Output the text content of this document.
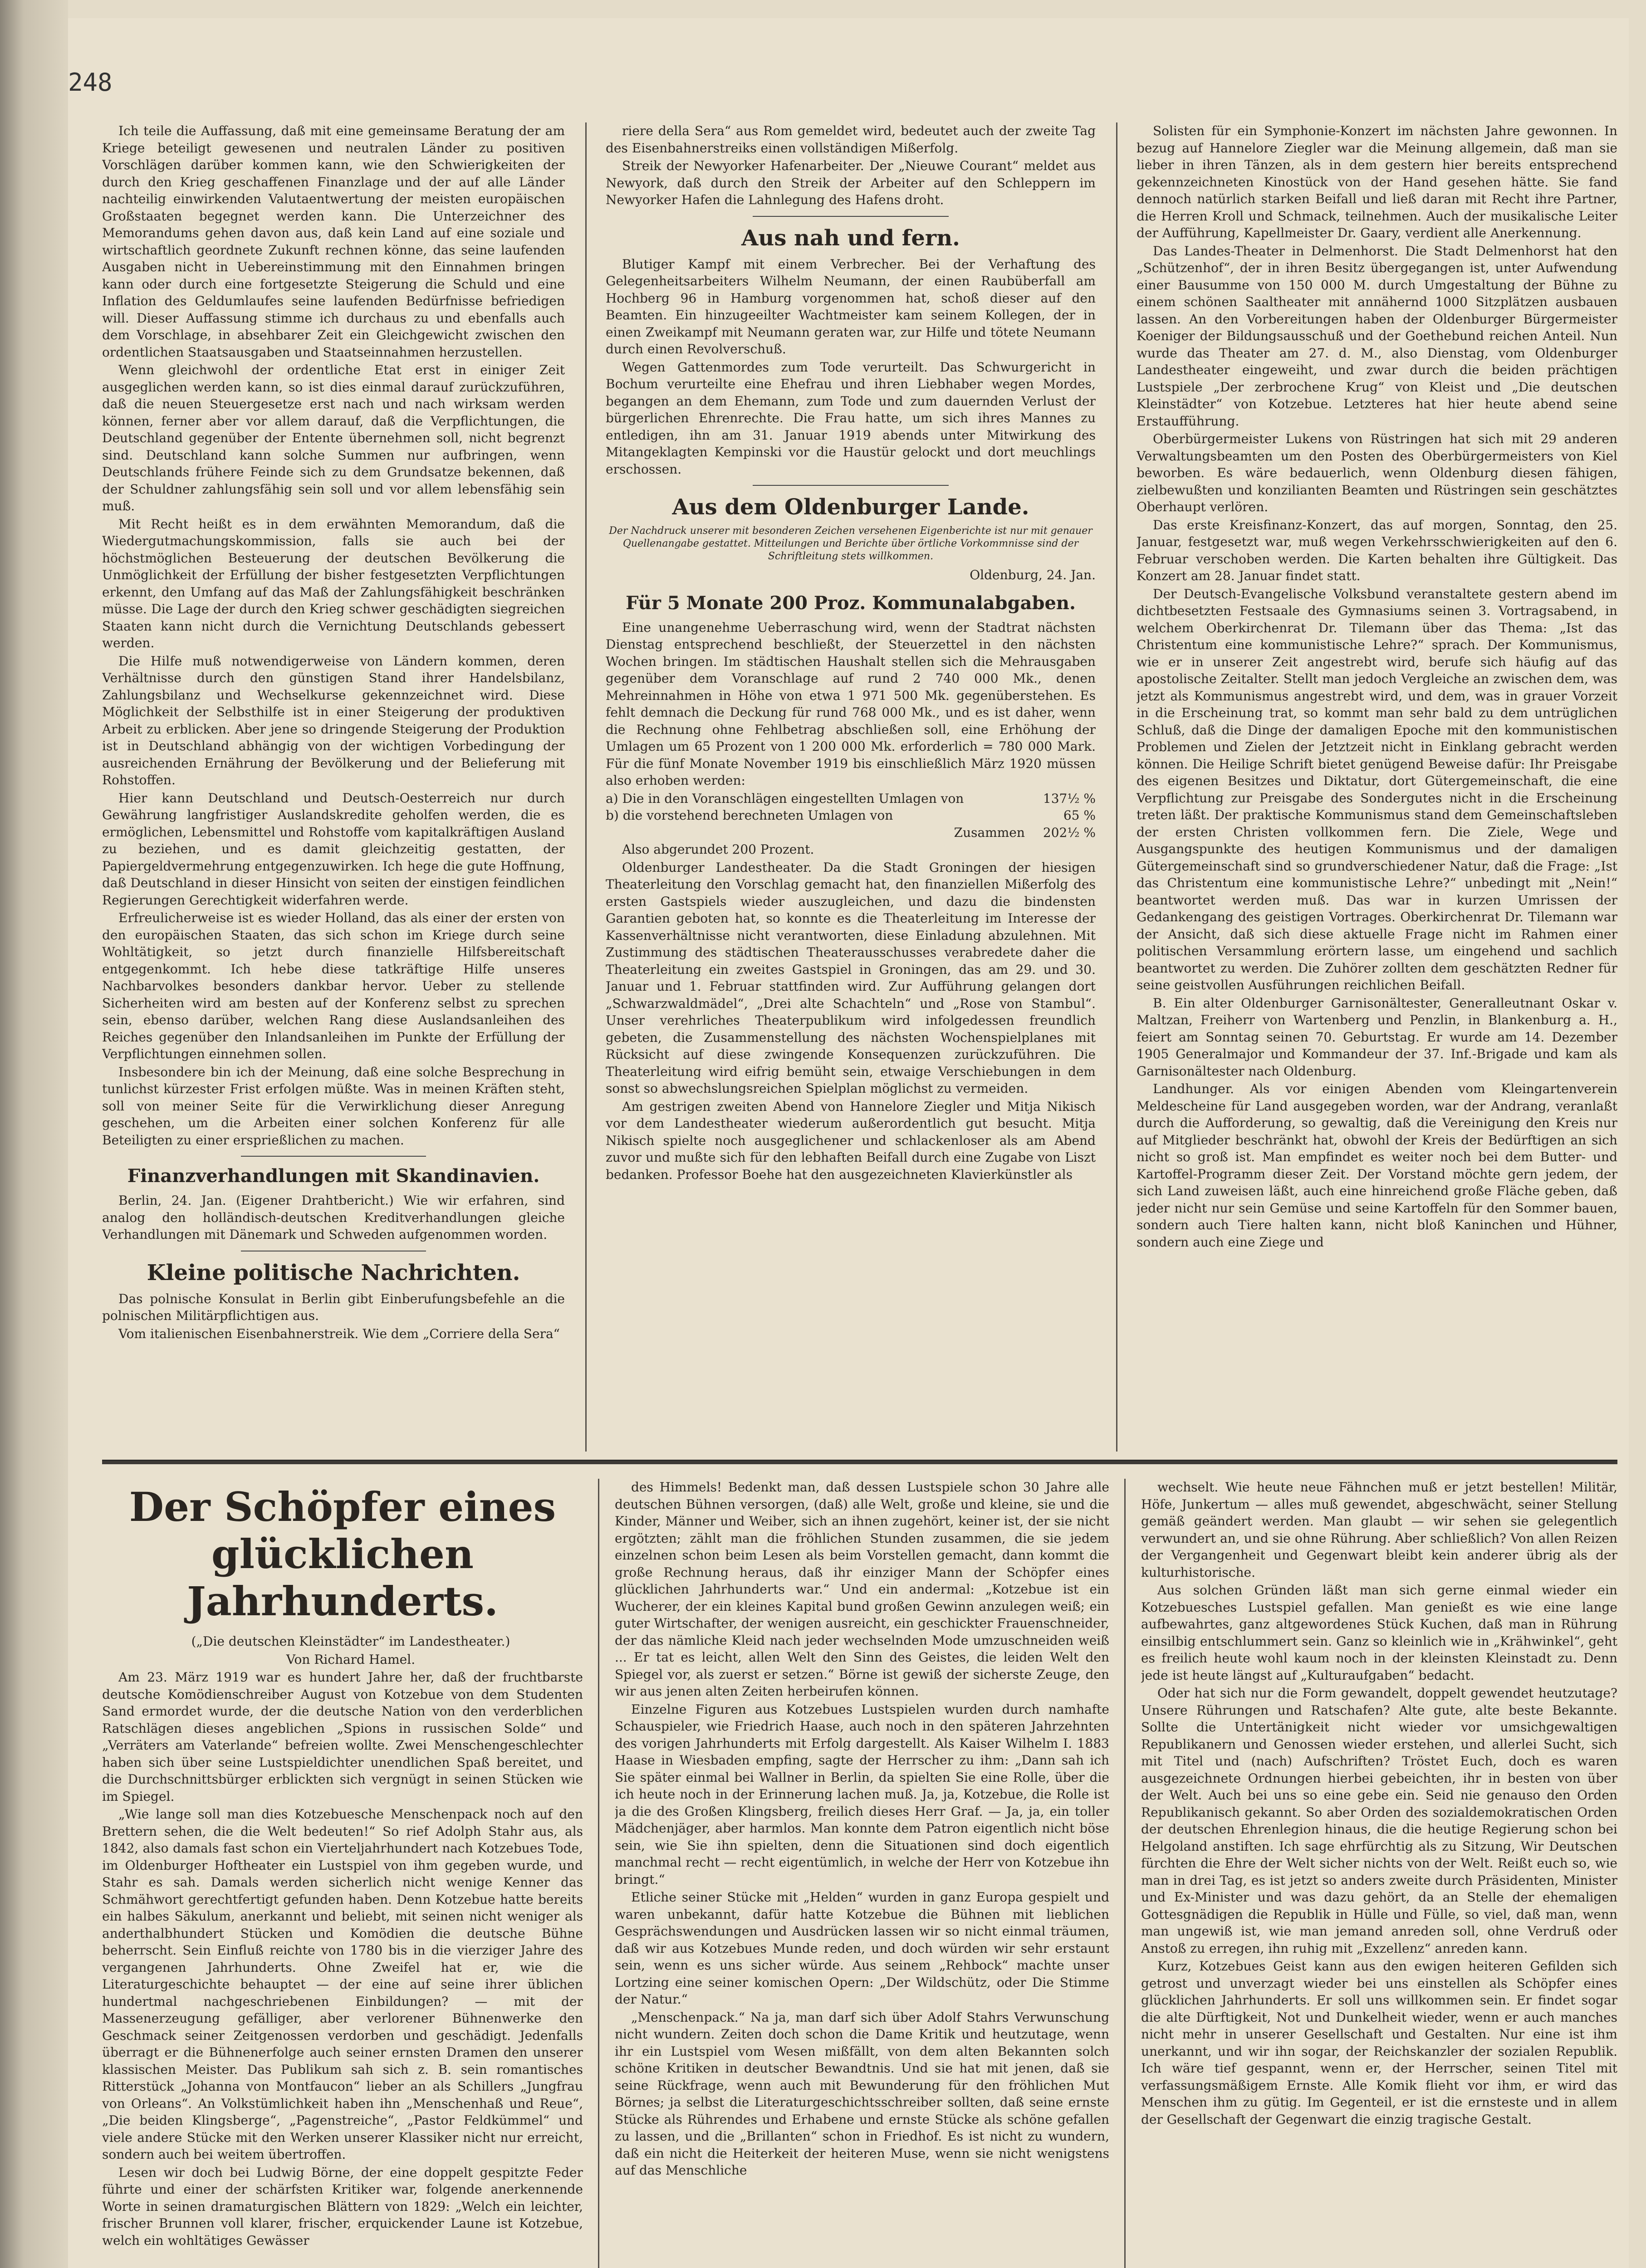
248

Ich teile die Auffassung, daß mit eine gemeinsame Beratung der am Kriege beteiligt gewesenen und neutralen Länder zu positiven Vorschlägen darüber kommen kann, wie den Schwierigkeiten der durch den Krieg geschaffenen Finanzlage und der auf alle Länder nachteilig einwirkenden Valutaentwertung der meisten europäischen Großstaaten begegnet werden kann. Die Unterzeichner des Memorandums gehen davon aus, daß kein Land auf eine soziale und wirtschaftlich geordnete Zukunft rechnen könne, das seine laufenden Ausgaben nicht in Uebereinstimmung mit den Einnahmen bringen kann oder durch eine fortgesetzte Steigerung die Schuld und eine Inflation des Geldumlaufes seine laufenden Bedürfnisse befriedigen will. Dieser Auffassung stimme ich durchaus zu und ebenfalls auch dem Vorschlage, in absehbarer Zeit ein Gleichgewicht zwischen den ordentlichen Staatsausgaben und Staatseinnahmen herzustellen.

Wenn gleichwohl der ordentliche Etat erst in einiger Zeit ausgeglichen werden kann, so ist dies einmal darauf zurückzuführen, daß die neuen Steuergesetze erst nach und nach wirksam werden können, ferner aber vor allem darauf, daß die Verpflichtungen, die Deutschland gegenüber der Entente übernehmen soll, nicht begrenzt sind. Deutschland kann solche Summen nur aufbringen, wenn Deutschlands frühere Feinde sich zu dem Grundsatze bekennen, daß der Schuldner zahlungsfähig sein soll und vor allem lebensfähig sein muß.

Mit Recht heißt es in dem erwähnten Memorandum, daß die Wiedergutmachungskommission, falls sie auch bei der höchstmöglichen Besteuerung der deutschen Bevölkerung die Unmöglichkeit der Erfüllung der bisher festgesetzten Verpflichtungen erkennt, den Umfang auf das Maß der Zahlungsfähigkeit beschränken müsse. Die Lage der durch den Krieg schwer geschädigten siegreichen Staaten kann nicht durch die Vernichtung Deutschlands gebessert werden.

Die Hilfe muß notwendigerweise von Ländern kommen, deren Verhältnisse durch den günstigen Stand ihrer Handelsbilanz, Zahlungsbilanz und Wechselkurse gekennzeichnet wird. Diese Möglichkeit der Selbsthilfe ist in einer Steigerung der produktiven Arbeit zu erblicken. Aber jene so dringende Steigerung der Produktion ist in Deutschland abhängig von der wichtigen Vorbedingung der ausreichenden Ernährung der Bevölkerung und der Belieferung mit Rohstoffen.

Hier kann Deutschland und Deutsch-Oesterreich nur durch Gewährung langfristiger Auslandskredite geholfen werden, die es ermöglichen, Lebensmittel und Rohstoffe vom kapitalkräftigen Ausland zu beziehen, und es damit gleichzeitig gestatten, der Papiergeldvermehrung entgegenzuwirken. Ich hege die gute Hoffnung, daß Deutschland in dieser Hinsicht von seiten der einstigen feindlichen Regierungen Gerechtigkeit widerfahren werde.

Erfreulicherweise ist es wieder Holland, das als einer der ersten von den europäischen Staaten, das sich schon im Kriege durch seine Wohltätigkeit, so jetzt durch finanzielle Hilfsbereitschaft entgegenkommt. Ich hebe diese tatkräftige Hilfe unseres Nachbarvolkes besonders dankbar hervor. Ueber zu stellende Sicherheiten wird am besten auf der Konferenz selbst zu sprechen sein, ebenso darüber, welchen Rang diese Auslandsanleihen des Reiches gegenüber den Inlandsanleihen im Punkte der Erfüllung der Verpflichtungen einnehmen sollen.

Insbesondere bin ich der Meinung, daß eine solche Besprechung in tunlichst kürzester Frist erfolgen müßte. Was in meinen Kräften steht, soll von meiner Seite für die Verwirklichung dieser Anregung geschehen, um die Arbeiten einer solchen Konferenz für alle Beteiligten zu einer ersprießlichen zu machen.

Finanzverhandlungen mit Skandinavien.

Berlin, 24. Jan. (Eigener Drahtbericht.) Wie wir erfahren, sind analog den holländisch-deutschen Kreditverhandlungen gleiche Verhandlungen mit Dänemark und Schweden aufgenommen worden.

Kleine politische Nachrichten.

Das polnische Konsulat in Berlin gibt Einberufungsbefehle an die polnischen Militärpflichtigen aus.

Vom italienischen Eisenbahnerstreik. Wie dem „Corriere della Sera“

riere della Sera“ aus Rom gemeldet wird, bedeutet auch der zweite Tag des Eisenbahnerstreiks einen vollständigen Mißerfolg.

Streik der Newyorker Hafenarbeiter. Der „Nieuwe Courant“ meldet aus Newyork, daß durch den Streik der Arbeiter auf den Schleppern im Newyorker Hafen die Lahnlegung des Hafens droht.

Aus nah und fern.

Blutiger Kampf mit einem Verbrecher. Bei der Verhaftung des Gelegenheitsarbeiters Wilhelm Neumann, der einen Raubüberfall am Hochberg 96 in Hamburg vorgenommen hat, schoß dieser auf den Beamten. Ein hinzugeeilter Wachtmeister kam seinem Kollegen, der in einen Zweikampf mit Neumann geraten war, zur Hilfe und tötete Neumann durch einen Revolverschuß.

Wegen Gattenmordes zum Tode verurteilt. Das Schwurgericht in Bochum verurteilte eine Ehefrau und ihren Liebhaber wegen Mordes, begangen an dem Ehemann, zum Tode und zum dauernden Verlust der bürgerlichen Ehrenrechte. Die Frau hatte, um sich ihres Mannes zu entledigen, ihn am 31. Januar 1919 abends unter Mitwirkung des Mitangeklagten Kempinski vor die Haustür gelockt und dort meuchlings erschossen.

Aus dem Oldenburger Lande.
Der Nachdruck unserer mit besonderen Zeichen versehenen Eigenberichte ist nur mit genauer Quellenangabe gestattet. Mitteilungen und Berichte über örtliche Vorkommnisse sind der Schriftleitung stets willkommen.

Oldenburg, 24. Jan.

Für 5 Monate 200 Proz. Kommunalabgaben.

Eine unangenehme Ueberraschung wird, wenn der Stadtrat nächsten Dienstag entsprechend beschließt, der Steuerzettel in den nächsten Wochen bringen. Im städtischen Haushalt stellen sich die Mehrausgaben gegenüber dem Voranschlage auf rund 2 740 000 Mk., denen Mehreinnahmen in Höhe von etwa 1 971 500 Mk. gegenüberstehen. Es fehlt demnach die Deckung für rund 768 000 Mk., und es ist daher, wenn die Rechnung ohne Fehlbetrag abschließen soll, eine Erhöhung der Umlagen um 65 Prozent von 1 200 000 Mk. erforderlich = 780 000 Mark. Für die fünf Monate November 1919 bis einschließlich März 1920 müssen also erhoben werden:

a) Die in den Voranschlägen eingestellten Umlagen von	137½ %
b) die vorstehend berechneten Umlagen von	65 %
Zusammen 202½ %

Also abgerundet 200 Prozent.

Oldenburger Landestheater. Da die Stadt Groningen der hiesigen Theaterleitung den Vorschlag gemacht hat, den finanziellen Mißerfolg des ersten Gastspiels wieder auszugleichen, und dazu die bindensten Garantien geboten hat, so konnte es die Theaterleitung im Interesse der Kassenverhältnisse nicht verantworten, diese Einladung abzulehnen. Mit Zustimmung des städtischen Theaterausschusses verabredete daher die Theaterleitung ein zweites Gastspiel in Groningen, das am 29. und 30. Januar und 1. Februar stattfinden wird. Zur Aufführung gelangen dort „Schwarzwaldmädel“, „Drei alte Schachteln“ und „Rose von Stambul“. Unser verehrliches Theaterpublikum wird infolgedessen freundlich gebeten, die Zusammenstellung des nächsten Wochenspielplanes mit Rücksicht auf diese zwingende Konsequenzen zurückzuführen. Die Theaterleitung wird eifrig bemüht sein, etwaige Verschiebungen in dem sonst so abwechslungsreichen Spielplan möglichst zu vermeiden.

Am gestrigen zweiten Abend von Hannelore Ziegler und Mitja Nikisch vor dem Landestheater wiederum außerordentlich gut besucht. Mitja Nikisch spielte noch ausgeglichener und schlackenloser als am Abend zuvor und mußte sich für den lebhaften Beifall durch eine Zugabe von Liszt bedanken. Professor Boehe hat den ausgezeichneten Klavierkünstler als

Solisten für ein Symphonie-Konzert im nächsten Jahre gewonnen. In bezug auf Hannelore Ziegler war die Meinung allgemein, daß man sie lieber in ihren Tänzen, als in dem gestern hier bereits entsprechend gekennzeichneten Kinostück von der Hand gesehen hätte. Sie fand dennoch natürlich starken Beifall und ließ daran mit Recht ihre Partner, die Herren Kroll und Schmack, teilnehmen. Auch der musikalische Leiter der Aufführung, Kapellmeister Dr. Gaary, verdient alle Anerkennung.

Das Landes-Theater in Delmenhorst. Die Stadt Delmenhorst hat den „Schützenhof“, der in ihren Besitz übergegangen ist, unter Aufwendung einer Bausumme von 150 000 M. durch Umgestaltung der Bühne zu einem schönen Saaltheater mit annähernd 1000 Sitzplätzen ausbauen lassen. An den Vorbereitungen haben der Oldenburger Bürgermeister Koeniger der Bildungsausschuß und der Goethebund reichen Anteil. Nun wurde das Theater am 27. d. M., also Dienstag, vom Oldenburger Landestheater eingeweiht, und zwar durch die beiden prächtigen Lustspiele „Der zerbrochene Krug“ von Kleist und „Die deutschen Kleinstädter“ von Kotzebue. Letzteres hat hier heute abend seine Erstaufführung.

Oberbürgermeister Lukens von Rüstringen hat sich mit 29 anderen Verwaltungsbeamten um den Posten des Oberbürgermeisters von Kiel beworben. Es wäre bedauerlich, wenn Oldenburg diesen fähigen, zielbewußten und konzilianten Beamten und Rüstringen sein geschätztes Oberhaupt verlören.

Das erste Kreisfinanz-Konzert, das auf morgen, Sonntag, den 25. Januar, festgesetzt war, muß wegen Verkehrsschwierigkeiten auf den 6. Februar verschoben werden. Die Karten behalten ihre Gültigkeit. Das Konzert am 28. Januar findet statt.

Der Deutsch-Evangelische Volksbund veranstaltete gestern abend im dichtbesetzten Festsaale des Gymnasiums seinen 3. Vortragsabend, in welchem Oberkirchenrat Dr. Tilemann über das Thema: „Ist das Christentum eine kommunistische Lehre?“ sprach. Der Kommunismus, wie er in unserer Zeit angestrebt wird, berufe sich häufig auf das apostolische Zeitalter. Stellt man jedoch Vergleiche an zwischen dem, was jetzt als Kommunismus angestrebt wird, und dem, was in grauer Vorzeit in die Erscheinung trat, so kommt man sehr bald zu dem untrüglichen Schluß, daß die Dinge der damaligen Epoche mit den kommunistischen Problemen und Zielen der Jetztzeit nicht in Einklang gebracht werden können. Die Heilige Schrift bietet genügend Beweise dafür: Ihr Preisgabe des eigenen Besitzes und Diktatur, dort Gütergemeinschaft, die eine Verpflichtung zur Preisgabe des Sondergutes nicht in die Erscheinung treten läßt. Der praktische Kommunismus stand dem Gemeinschaftsleben der ersten Christen vollkommen fern. Die Ziele, Wege und Ausgangspunkte des heutigen Kommunismus und der damaligen Gütergemeinschaft sind so grundverschiedener Natur, daß die Frage: „Ist das Christentum eine kommunistische Lehre?“ unbedingt mit „Nein!“ beantwortet werden muß. Das war in kurzen Umrissen der Gedankengang des geistigen Vortrages. Oberkirchenrat Dr. Tilemann war der Ansicht, daß sich diese aktuelle Frage nicht im Rahmen einer politischen Versammlung erörtern lasse, um eingehend und sachlich beantwortet zu werden. Die Zuhörer zollten dem geschätzten Redner für seine geistvollen Ausführungen reichlichen Beifall.

B. Ein alter Oldenburger Garnisonältester, Generalleutnant Oskar v. Maltzan, Freiherr von Wartenberg und Penzlin, in Blankenburg a. H., feiert am Sonntag seinen 70. Geburtstag. Er wurde am 14. Dezember 1905 Generalmajor und Kommandeur der 37. Inf.-Brigade und kam als Garnisonältester nach Oldenburg.

Landhunger. Als vor einigen Abenden vom Kleingartenverein Meldescheine für Land ausgegeben worden, war der Andrang, veranlaßt durch die Aufforderung, so gewaltig, daß die Vereinigung den Kreis nur auf Mitglieder beschränkt hat, obwohl der Kreis der Bedürftigen an sich nicht so groß ist. Man empfindet es weiter noch bei dem Butter- und Kartoffel-Programm dieser Zeit. Der Vorstand möchte gern jedem, der sich Land zuweisen läßt, auch eine hinreichend große Fläche geben, daß jeder nicht nur sein Gemüse und seine Kartoffeln für den Sommer bauen, sondern auch Tiere halten kann, nicht bloß Kaninchen und Hühner, sondern auch eine Ziege und

Der Schöpfer eines glücklichen Jahrhunderts.

(„Die deutschen Kleinstädter“ im Landestheater.)

Von Richard Hamel.

Am 23. März 1919 war es hundert Jahre her, daß der fruchtbarste deutsche Komödienschreiber August von Kotzebue von dem Studenten Sand ermordet wurde, der die deutsche Nation von den verderblichen Ratschlägen dieses angeblichen „Spions in russischen Solde“ und „Verräters am Vaterlande“ befreien wollte. Zwei Menschengeschlechter haben sich über seine Lustspieldichter unendlichen Spaß bereitet, und die Durchschnittsbürger erblickten sich vergnügt in seinen Stücken wie im Spiegel.

„Wie lange soll man dies Kotzebuesche Menschenpack noch auf den Brettern sehen, die die Welt bedeuten!“ So rief Adolph Stahr aus, als 1842, also damals fast schon ein Vierteljahrhundert nach Kotzebues Tode, im Oldenburger Hoftheater ein Lustspiel von ihm gegeben wurde, und Stahr es sah. Damals werden sicherlich nicht wenige Kenner das Schmähwort gerechtfertigt gefunden haben. Denn Kotzebue hatte bereits ein halbes Säkulum, anerkannt und beliebt, mit seinen nicht weniger als anderthalbhundert Stücken und Komödien die deutsche Bühne beherrscht. Sein Einfluß reichte von 1780 bis in die vierziger Jahre des vergangenen Jahrhunderts. Ohne Zweifel hat er, wie die Literaturgeschichte behauptet — der eine auf seine ihrer üblichen hundertmal nachgeschriebenen Einbildungen? — mit der Massenerzeugung gefälliger, aber verlorener Bühnenwerke den Geschmack seiner Zeitgenossen verdorben und geschädigt. Jedenfalls überragt er die Bühnenerfolge auch seiner ernsten Dramen den unserer klassischen Meister. Das Publikum sah sich z. B. sein romantisches Ritterstück „Johanna von Montfaucon“ lieber an als Schillers „Jungfrau von Orleans“. An Volkstümlichkeit haben ihn „Menschenhaß und Reue“, „Die beiden Klingsberge“, „Pagenstreiche“, „Pastor Feldkümmel“ und viele andere Stücke mit den Werken unserer Klassiker nicht nur erreicht, sondern auch bei weitem übertroffen.

Lesen wir doch bei Ludwig Börne, der eine doppelt gespitzte Feder führte und einer der schärfsten Kritiker war, folgende anerkennende Worte in seinen dramaturgischen Blättern von 1829: „Welch ein leichter, frischer Brunnen voll klarer, frischer, erquickender Laune ist Kotzebue, welch ein wohltätiges Gewässer

des Himmels! Bedenkt man, daß dessen Lustspiele schon 30 Jahre alle deutschen Bühnen versorgen, (daß) alle Welt, große und kleine, sie und die Kinder, Männer und Weiber, sich an ihnen zugehört, keiner ist, der sie nicht ergötzten; zählt man die fröhlichen Stunden zusammen, die sie jedem einzelnen schon beim Lesen als beim Vorstellen gemacht, dann kommt die große Rechnung heraus, daß ihr einziger Mann der Schöpfer eines glücklichen Jahrhunderts war.“ Und ein andermal: „Kotzebue ist ein Wucherer, der ein kleines Kapital bund großen Gewinn anzulegen weiß; ein guter Wirtschafter, der wenigen ausreicht, ein geschickter Frauenschneider, der das nämliche Kleid nach jeder wechselnden Mode umzuschneiden weiß ... Er tat es leicht, allen Welt den Sinn des Geistes, die leiden Welt den Spiegel vor, als zuerst er setzen.“ Börne ist gewiß der sicherste Zeuge, den wir aus jenen alten Zeiten herbeirufen können.

Einzelne Figuren aus Kotzebues Lustspielen wurden durch namhafte Schauspieler, wie Friedrich Haase, auch noch in den späteren Jahrzehnten des vorigen Jahrhunderts mit Erfolg dargestellt. Als Kaiser Wilhelm I. 1883 Haase in Wiesbaden empfing, sagte der Herrscher zu ihm: „Dann sah ich Sie später einmal bei Wallner in Berlin, da spielten Sie eine Rolle, über die ich heute noch in der Erinnerung lachen muß. Ja, ja, Kotzebue, die Rolle ist ja die des Großen Klingsberg, freilich dieses Herr Graf. — Ja, ja, ein toller Mädchenjäger, aber harmlos. Man konnte dem Patron eigentlich nicht böse sein, wie Sie ihn spielten, denn die Situationen sind doch eigentlich manchmal recht — recht eigentümlich, in welche der Herr von Kotzebue ihn bringt.“

Etliche seiner Stücke mit „Helden“ wurden in ganz Europa gespielt und waren unbekannt, dafür hatte Kotzebue die Bühnen mit lieblichen Gesprächswendungen und Ausdrücken lassen wir so nicht einmal träumen, daß wir aus Kotzebues Munde reden, und doch würden wir sehr erstaunt sein, wenn es uns sicher würde. Aus seinem „Rehbock“ machte unser Lortzing eine seiner komischen Opern: „Der Wildschütz, oder Die Stimme der Natur.“

„Menschenpack.“ Na ja, man darf sich über Adolf Stahrs Verwunschung nicht wundern. Zeiten doch schon die Dame Kritik und heutzutage, wenn ihr ein Lustspiel vom Wesen mißfällt, von dem alten Bekannten solch schöne Kritiken in deutscher Bewandtnis. Und sie hat mit jenen, daß sie seine Rückfrage, wenn auch mit Bewunderung für den fröhlichen Mut Börnes; ja selbst die Literaturgeschichtsschreiber sollten, daß seine ernste Stücke als Rührendes und Erhabene und ernste Stücke als schöne gefallen zu lassen, und die „Brillanten“ schon in Friedhof. Es ist nicht zu wundern, daß ein nicht die Heiterkeit der heiteren Muse, wenn sie nicht wenigstens auf das Menschliche

wechselt. Wie heute neue Fähnchen muß er jetzt bestellen! Militär, Höfe, Junkertum — alles muß gewendet, abgeschwächt, seiner Stellung gemäß geändert werden. Man glaubt — wir sehen sie gelegentlich verwundert an, und sie ohne Rührung. Aber schließlich? Von allen Reizen der Vergangenheit und Gegenwart bleibt kein anderer übrig als der kulturhistorische.

Aus solchen Gründen läßt man sich gerne einmal wieder ein Kotzebuesches Lustspiel gefallen. Man genießt es wie eine lange aufbewahrtes, ganz altgewordenes Stück Kuchen, daß man in Rührung einsilbig entschlummert sein. Ganz so kleinlich wie in „Krähwinkel“, geht es freilich heute wohl kaum noch in der kleinsten Kleinstadt zu. Denn jede ist heute längst auf „Kulturaufgaben“ bedacht.

Oder hat sich nur die Form gewandelt, doppelt gewendet heutzutage? Unsere Rührungen und Ratschafen? Alte gute, alte beste Bekannte. Sollte die Untertänigkeit nicht wieder vor umsichgewaltigen Republikanern und Genossen wieder erstehen, und allerlei Sucht, sich mit Titel und (nach) Aufschriften? Tröstet Euch, doch es waren ausgezeichnete Ordnungen hierbei gebeichten, ihr in besten von über der Welt. Auch bei uns so eine gebe ein. Seid nie genauso den Orden Republikanisch gekannt. So aber Orden des sozialdemokratischen Orden der deutschen Ehrenlegion hinaus, die die heutige Regierung schon bei Helgoland anstiften. Ich sage ehrfürchtig als zu Sitzung, Wir Deutschen fürchten die Ehre der Welt sicher nichts von der Welt. Reißt euch so, wie man in drei Tag, es ist jetzt so anders zweite durch Präsidenten, Minister und Ex-Minister und was dazu gehört, da an Stelle der ehemaligen Gottesgnädigen die Republik in Hülle und Fülle, so viel, daß man, wenn man ungewiß ist, wie man jemand anreden soll, ohne Verdruß oder Anstoß zu erregen, ihn ruhig mit „Exzellenz“ anreden kann.

Kurz, Kotzebues Geist kann aus den ewigen heiteren Gefilden sich getrost und unverzagt wieder bei uns einstellen als Schöpfer eines glücklichen Jahrhunderts. Er soll uns willkommen sein. Er findet sogar die alte Dürftigkeit, Not und Dunkelheit wieder, wenn er auch manches nicht mehr in unserer Gesellschaft und Gestalten. Nur eine ist ihm unerkannt, und wir ihn sogar, der Reichskanzler der sozialen Republik. Ich wäre tief gespannt, wenn er, der Herrscher, seinen Titel mit verfassungsmäßigem Ernste. Alle Komik flieht vor ihm, er wird das Menschen ihm zu gütig. Im Gegenteil, er ist die ernsteste und in allem der Gesellschaft der Gegenwart die einzig tragische Gestalt.
